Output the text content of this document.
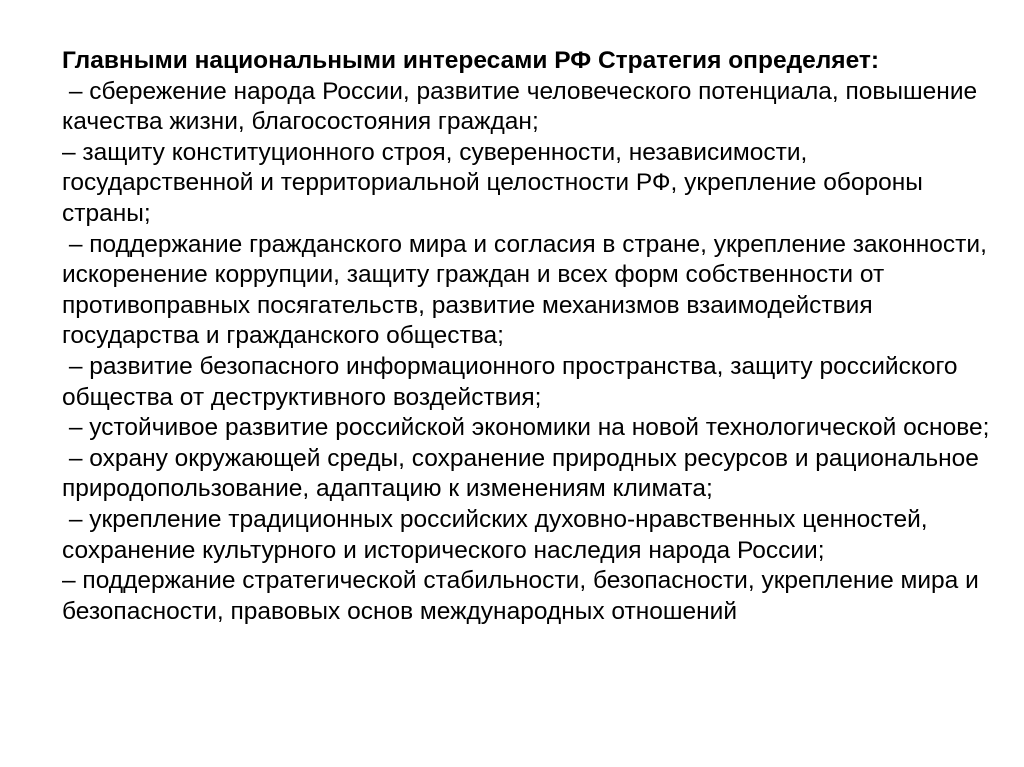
Главными национальными интересами РФ Стратегия определяет:

– сбережение народа России, развитие человеческого потенциала, повышение качества жизни, благосостояния граждан;
– защиту конституционного строя, суверенности, независимости, государственной и территориальной целостности РФ, укрепление обороны страны;
– поддержание гражданского мира и согласия в стране, укрепление законности, искоренение коррупции, защиту граждан и всех форм собственности от противоправных посягательств, развитие механизмов взаимодействия государства и гражданского общества;
– развитие безопасного информационного пространства, защиту российского общества от деструктивного воздействия;
– устойчивое развитие российской экономики на новой технологической основе;
– охрану окружающей среды, сохранение природных ресурсов и рациональное природопользование, адаптацию к изменениям климата;
– укрепление традиционных российских духовно-нравственных ценностей, сохранение культурного и исторического наследия народа России;
– поддержание стратегической стабильности, безопасности, укрепление мира и безопасности, правовых основ международных отношений
